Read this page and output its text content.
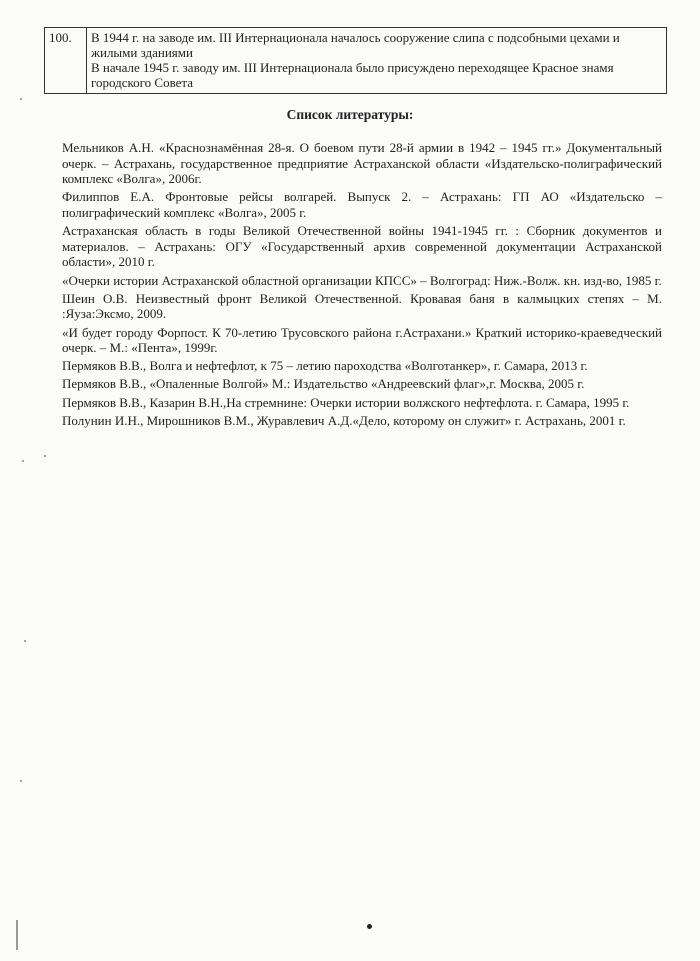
100.	В 1944 г. на заводе им. III Интернационала началось сооружение слипа с подсобными цехами и жилыми зданиями
В начале 1945 г. заводу им. III Интернационала было присуждено переходящее Красное знамя городского Совета
Список литературы:

Мельников А.Н. «Краснознамённая 28-я. О боевом пути 28-й армии в 1942 – 1945 гг.» Документальный очерк. – Астрахань, государственное предприятие Астраханской области «Издательско-полиграфический комплекс «Волга», 2006г.

Филиппов Е.А. Фронтовые рейсы волгарей. Выпуск 2. – Астрахань: ГП АО «Издательско – полиграфический комплекс «Волга», 2005 г.

Астраханская область в годы Великой Отечественной войны 1941-1945 гг. : Сборник документов и материалов. – Астрахань: ОГУ «Государственный архив современной документации Астраханской области», 2010 г.

«Очерки истории Астраханской областной организации КПСС» – Волгоград: Ниж.-Волж. кн. изд-во, 1985 г.

Шеин О.В. Неизвестный фронт Великой Отечественной. Кровавая баня в калмыцких степях – М. :Яуза:Эксмо, 2009.

«И будет городу Форпост. К 70-летию Трусовского района г.Астрахани.» Краткий историко-краеведческий очерк. – М.: «Пента», 1999г.

Пермяков В.В., Волга и нефтефлот, к 75 – летию пароходства «Волготанкер», г. Самара, 2013 г.

Пермяков В.В., «Опаленные Волгой» М.: Издательство «Андреевский флаг»,г. Москва, 2005 г.

Пермяков В.В., Казарин В.Н.,На стремнине: Очерки истории волжского нефтефлота. г. Самара, 1995 г.

Полунин И.Н., Мирошников В.М., Журавлевич А.Д.«Дело, которому он служит» г. Астрахань, 2001 г.
